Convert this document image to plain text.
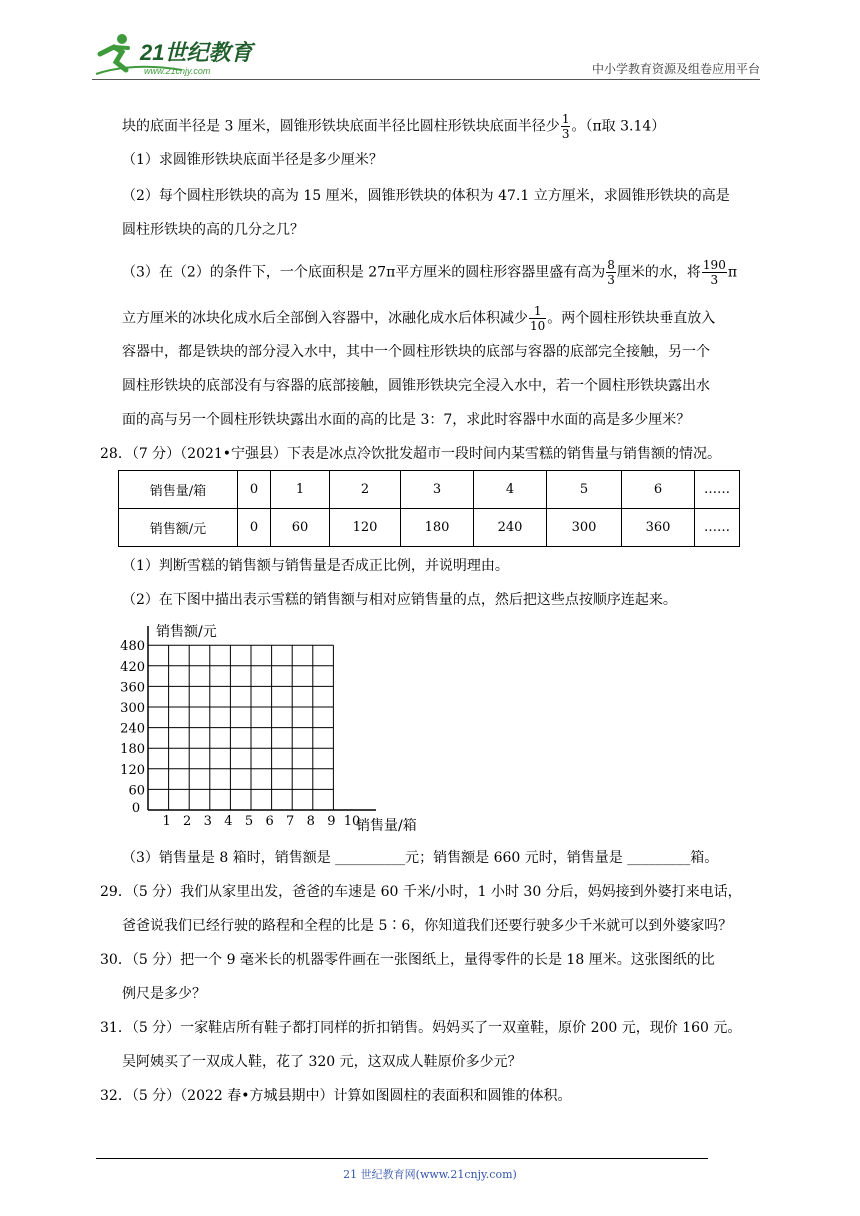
21世纪教育
www.21cnjy.com	中小学教育资源及组卷应用平台
块的底面半径是 3 厘米，圆锥形铁块底面半径比圆柱形铁块底面半径少 $\frac{1}{3}$ 。（π取 3.14）
（1）求圆锥形铁块底面半径是多少厘米？
（2）每个圆柱形铁块的高为 15 厘米，圆锥形铁块的体积为 47.1 立方厘米，求圆锥形铁块的高是
圆柱形铁块的高的几分之几？
（3）在（2）的条件下，一个底面积是 27π平方厘米的圆柱形容器里盛有高为 $\frac{8}{3}$ 厘米的水，将 $\frac{190}{3}$ π
立方厘米的冰块化成水后全部倒入容器中，冰融化成水后体积减少 $\frac{1}{10}$ 。两个圆柱形铁块垂直放入
容器中，都是铁块的部分浸入水中，其中一个圆柱形铁块的底部与容器的底部完全接触，另一个
圆柱形铁块的底部没有与容器的底部接触，圆锥形铁块完全浸入水中，若一个圆柱形铁块露出水
面的高与另一个圆柱形铁块露出水面的高的比是 3：7，求此时容器中水面的高是多少厘米？
28．（7 分）（2021•宁强县）下表是冰点冷饮批发超市一段时间内某雪糕的销售量与销售额的情况。
销售量/箱	0	1	2	3	4	5	6	……
销售额/元	0	60	120	180	240	300	360	……
（1）判断雪糕的销售额与销售量是否成正比例，并说明理由。
（2）在下图中描出表示雪糕的销售额与相对应销售量的点，然后把这些点按顺序连起来。
1 2 3 4 5 6 7 8 9 10
60
120
180
240
300
360
420
480
0
销售额/元
销售量/箱
（3）销售量是 8 箱时，销售额是 __________元；销售额是 660 元时，销售量是 _________箱。
29．（5 分）我们从家里出发，爸爸的车速是 60 千米/小时，1 小时 30 分后，妈妈接到外婆打来电话，
爸爸说我们已经行驶的路程和全程的比是 5∶6，你知道我们还要行驶多少千米就可以到外婆家吗？
30．（5 分）把一个 9 毫米长的机器零件画在一张图纸上，量得零件的长是 18 厘米。这张图纸的比
例尺是多少？
31．（5 分）一家鞋店所有鞋子都打同样的折扣销售。妈妈买了一双童鞋，原价 200 元，现价 160 元。
吴阿姨买了一双成人鞋，花了 320 元，这双成人鞋原价多少元？
32．（5 分）（2022 春•方城县期中）计算如图圆柱的表面积和圆锥的体积。
21 世纪教育网(www.21cnjy.com)
